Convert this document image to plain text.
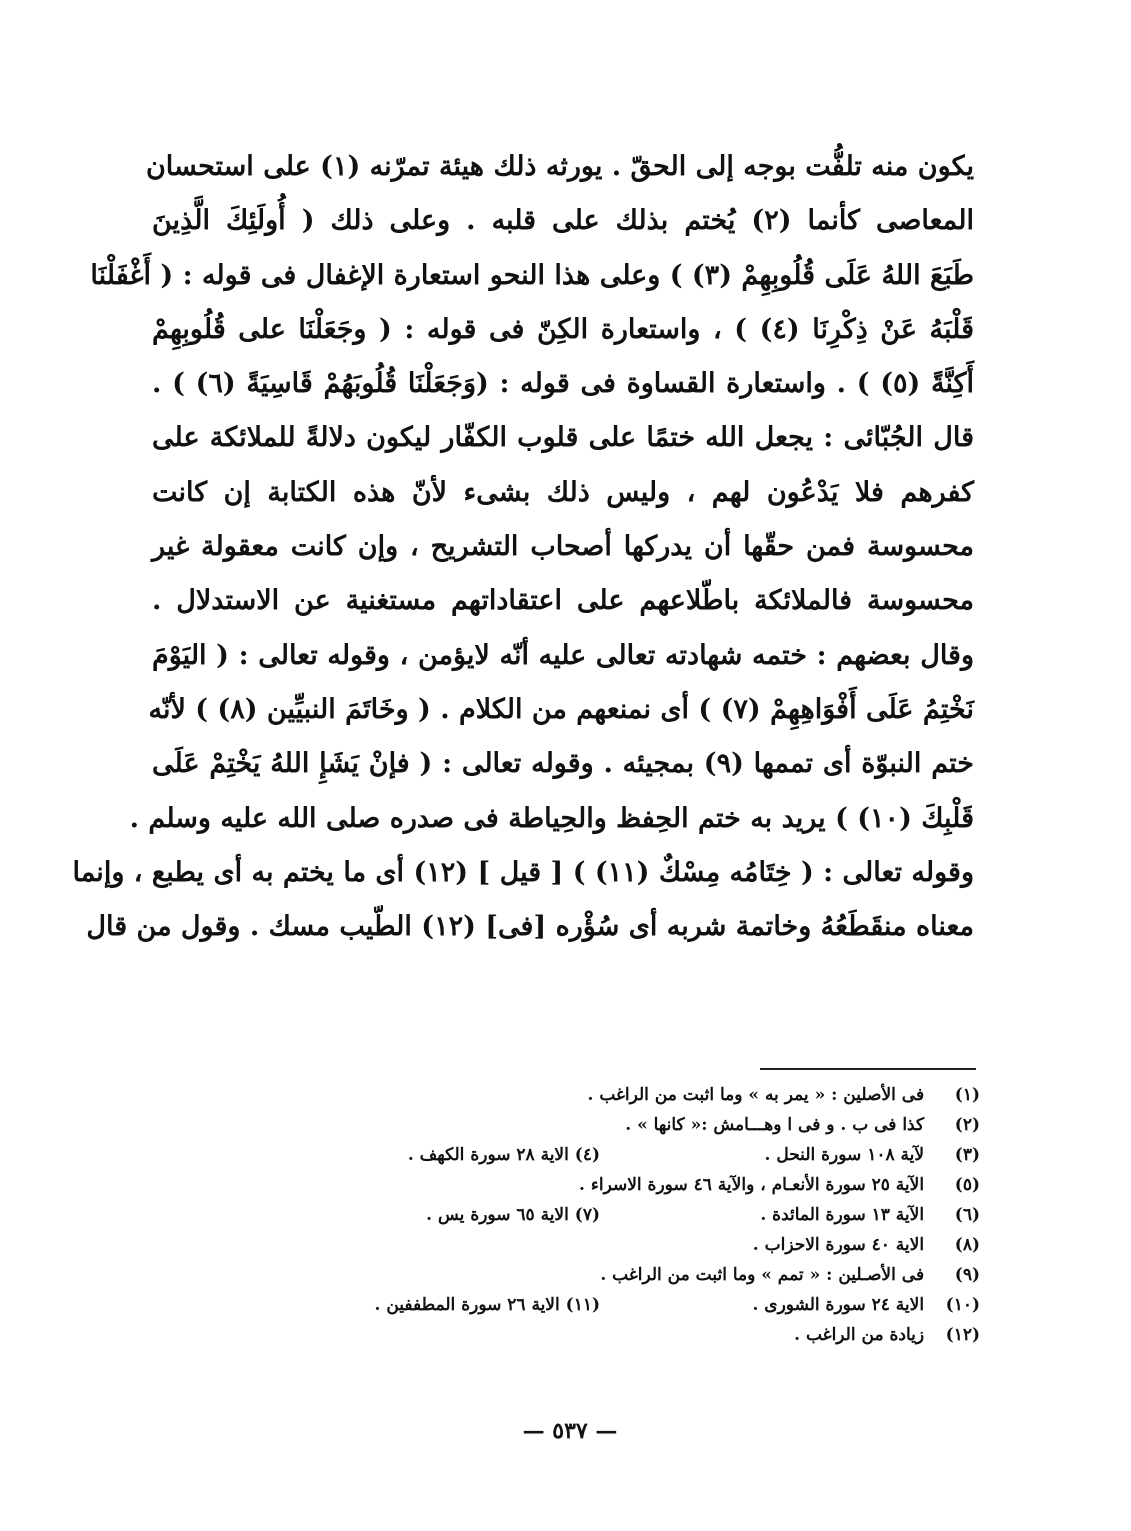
يكون منه تلفُّت بوجه إلى الحقّ . يورثه ذلك هيئة تمرّنه (١) على استحسان
المعاصى كأنما (٢) يُختم بذلك على قلبه . وعلى ذلك ( أُولَئِكَ الَّذِينَ
طَبَعَ اللهُ عَلَى قُلُوبِهِمْ (٣) ) وعلى هذا النحو استعارة الإغفال فى قوله : ( أَغْفَلْنَا
قَلْبَهُ عَنْ ذِكْرِنَا (٤) ) ، واستعارة الكِنّ فى قوله : ( وجَعَلْنَا على قُلُوبِهِمْ
أَكِنَّةً (٥) ) . واستعارة القساوة فى قوله : (وَجَعَلْنَا قُلُوبَهُمْ قَاسِيَةً (٦) ) .
قال الجُبّائى : يجعل الله ختمًا على قلوب الكفّار ليكون دلالةً للملائكة على
كفرهم فلا يَدْعُون لهم ، وليس ذلك بشىء لأنّ هذه الكتابة إن كانت
محسوسة فمن حقّها أن يدركها أصحاب التشريح ، وإن كانت معقولة غير
محسوسة فالملائكة باطّلاعهم على اعتقاداتهم مستغنية عن الاستدلال .
وقال بعضهم : ختمه شهادته تعالى عليه أنّه لايؤمن ، وقوله تعالى : ( اليَوْمَ
نَخْتِمُ عَلَى أَفْوَاهِهِمْ (٧) ) أى نمنعهم من الكلام . ( وخَاتَمَ النبيِّين (٨) ) لأنّه
ختم النبوّة أى تممها (٩) بمجيئه . وقوله تعالى : ( فإنْ يَشَإِ اللهُ يَخْتِمْ عَلَى
قَلْبِكَ (١٠) ) يريد به ختم الحِفظ والحِياطة فى صدره صلى الله عليه وسلم .
وقوله تعالى : ( خِتَامُه مِسْكٌ (١١) ) [ قيل ] (١٢) أى ما يختم به أى يطبع ، وإنما
معناه منقَطَعُهُ وخاتمة شربه أى سُؤْره [فى] (١٢) الطّيب مسك . وقول من قال
(١) فى الأصلين : « يمر به » وما اثبت من الراغب .
(٢) كذا فى ب . و فى ا وهـــامش :« كانها » .
(٣) لآية ١٠٨ سورة النحل .
(٤) الاية ٢٨ سورة الكهف .
(٥) الآية ٢٥ سورة الأنعـام ، والآية ٤٦ سورة الاسراء .
(٦) الآية ١٣ سورة المائدة .
(٧) الاية ٦٥ سورة يس .
(٨) الاية ٤٠ سورة الاحزاب .
(٩) فى الأصـلين : « تمم » وما اثبت من الراغب .
(١٠) الاية ٢٤ سورة الشورى .
(١١) الاية ٢٦ سورة المطففين .
(١٢) زيادة من الراغب .
— ٥٣٧ —
